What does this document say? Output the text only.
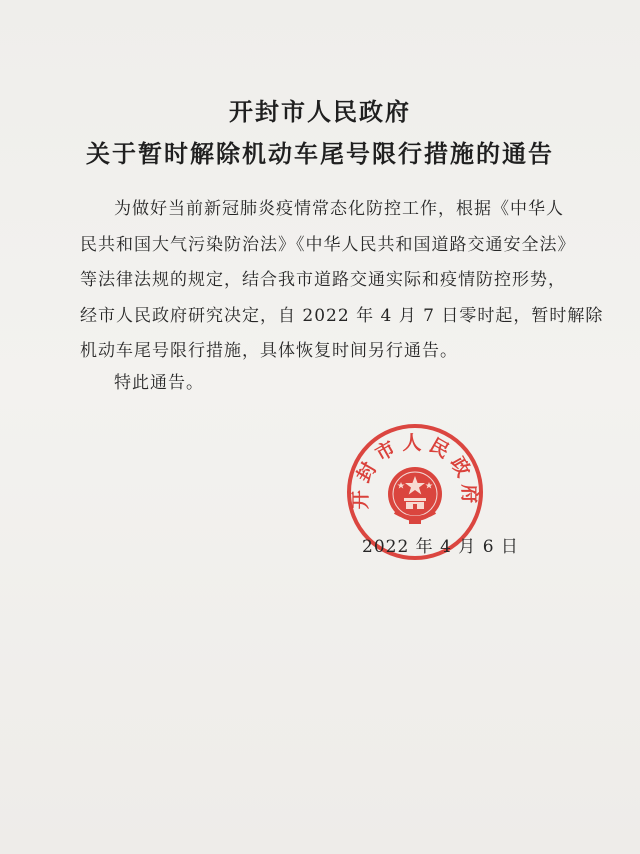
开封市人民政府
关于暂时解除机动车尾号限行措施的通告

为做好当前新冠肺炎疫情常态化防控工作，根据《中华人

民共和国大气污染防治法》《中华人民共和国道路交通安全法》

等法律法规的规定，结合我市道路交通实际和疫情防控形势，

经市人民政府研究决定，自 2022 年 4 月 7 日零时起，暂时解除

机动车尾号限行措施，具体恢复时间另行通告。

特此通告。
开封市人民政府
2022 年 4 月 6 日
